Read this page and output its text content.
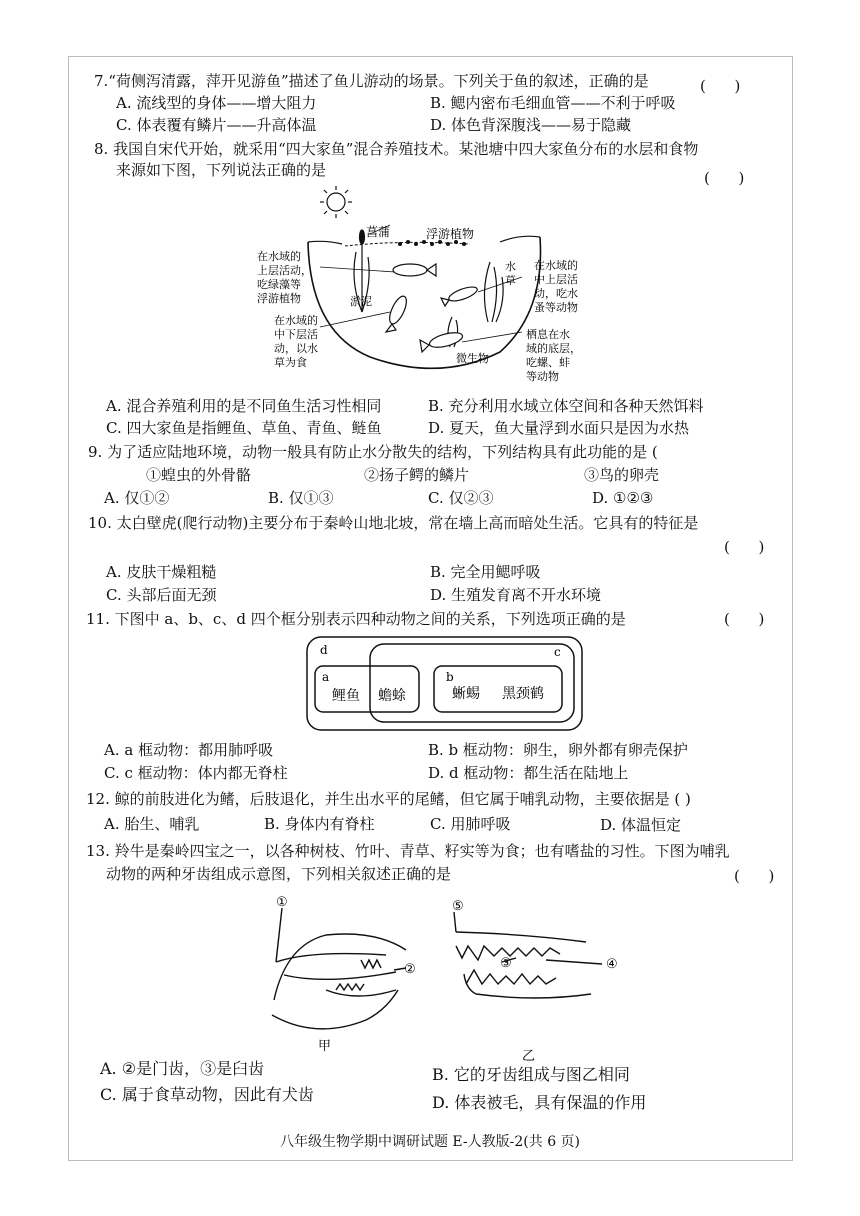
7.“荷侧泻清露，萍开见游鱼”描述了鱼儿游动的场景。下列关于鱼的叙述，正确的是	(      )
A. 流线型的身体——增大阻力	B. 鳃内密布毛细血管——不利于呼吸
C. 体表覆有鳞片——升高体温	D. 体色背深腹浅——易于隐藏
8. 我国自宋代开始，就采用“四大家鱼”混合养殖技术。某池塘中四大家鱼分布的水层和食物
来源如下图，下列说法正确的是	(      )
菖蒲	浮游植物
在水域的
上层活动，
吃绿藻等
浮游植物	淤泥
在水域的
中下层活
动，以水
草为食
水
草
在水域的
中上层活
动，吃水
蚤等动物
微生物
栖息在水
域的底层，
吃螺、蚌
等动物
A. 混合养殖利用的是不同鱼生活习性相同	B. 充分利用水域立体空间和各种天然饵料
C. 四大家鱼是指鲤鱼、草鱼、青鱼、鲢鱼	D. 夏天，鱼大量浮到水面只是因为水热
9. 为了适应陆地环境，动物一般具有防止水分散失的结构，下列结构具有此功能的是 (
①蝗虫的外骨骼	②扬子鳄的鳞片	③鸟的卵壳
A. 仅①②	B. 仅①③	C. 仅②③	D. ①②③
10. 太白壁虎(爬行动物)主要分布于秦岭山地北坡，常在墙上高而暗处生活。它具有的特征是
(      )
A. 皮肤干燥粗糙	B. 完全用鳃呼吸
C. 头部后面无颈	D. 生殖发育离不开水环境
11. 下图中 a、b、c、d 四个框分别表示四种动物之间的关系，下列选项正确的是	(      )
d	c
a	b
鲤鱼 蟾蜍	蜥蜴 黑颈鹤
A. a 框动物：都用肺呼吸	B. b 框动物：卵生，卵外都有卵壳保护
C. c 框动物：体内都无脊柱	D. d 框动物：都生活在陆地上
12. 鲸的前肢进化为鳍，后肢退化，并生出水平的尾鳍，但它属于哺乳动物，主要依据是 ( )
A. 胎生、哺乳	B. 身体内有脊柱	C. 用肺呼吸	D. 体温恒定
13. 羚牛是秦岭四宝之一，以各种树枝、竹叶、青草、籽实等为食；也有嗜盐的习性。下图为哺乳
动物的两种牙齿组成示意图，下列相关叙述正确的是	(      )
①
②
甲
⑤
③	④
乙
A. ②是门齿，③是臼齿	B. 它的牙齿组成与图乙相同
C. 属于食草动物，因此有犬齿	D. 体表被毛，具有保温的作用
八年级生物学期中调研试题 E-人教版-2(共 6 页)
